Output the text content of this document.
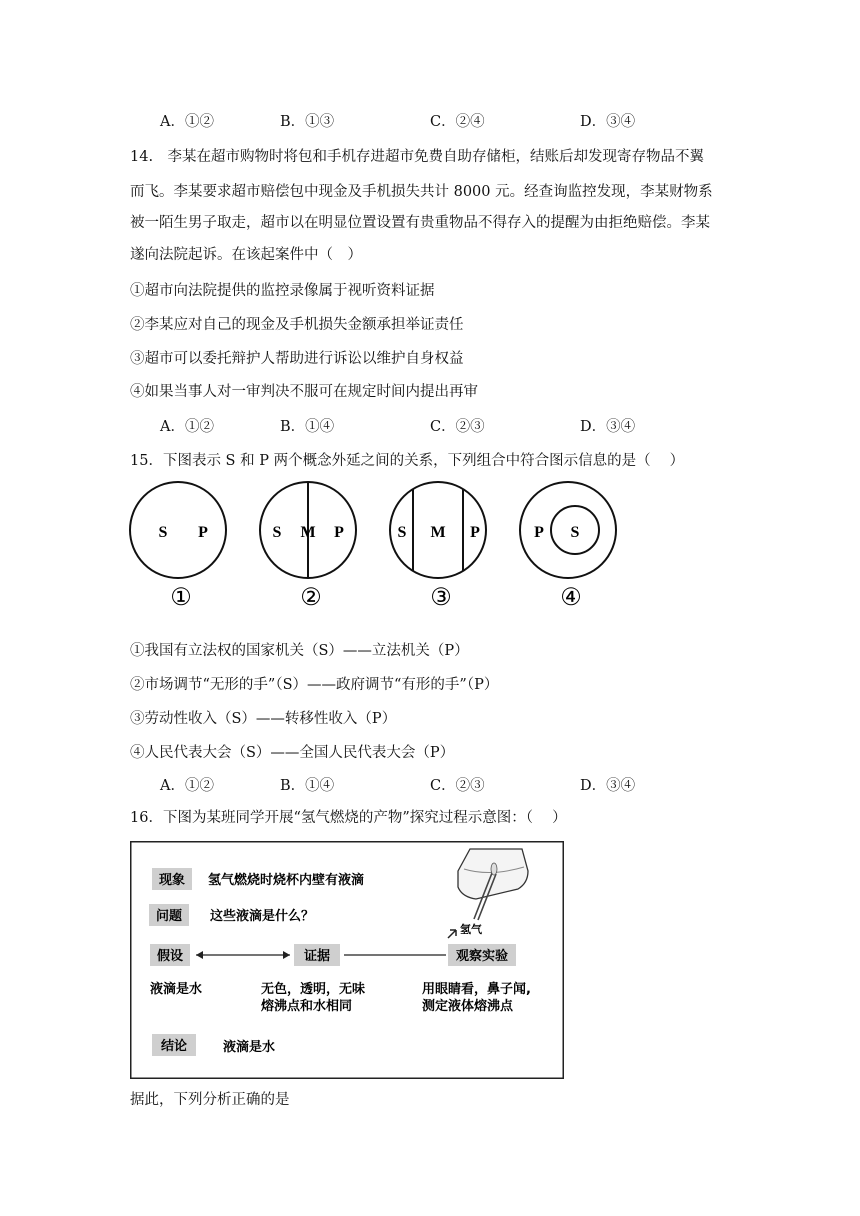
A．①②	B．①③	C．②④	D．③④
14.　李某在超市购物时将包和手机存进超市免费自助存储柜，结账后却发现寄存物品不翼
而飞。李某要求超市赔偿包中现金及手机损失共计 8000 元。经查询监控发现，李某财物系
被一陌生男子取走，超市以在明显位置设置有贵重物品不得存入的提醒为由拒绝赔偿。李某
遂向法院起诉。在该起案件中（　）
①超市向法院提供的监控录像属于视听资料证据
②李某应对自己的现金及手机损失金额承担举证责任
③超市可以委托辩护人帮助进行诉讼以维护自身权益
④如果当事人对一审判决不服可在规定时间内提出再审
A．①②	B．①④	C．②③	D．③④
15．下图表示 S 和 P 两个概念外延之间的关系，下列组合中符合图示信息的是（　 ）
S P
①
S M P
②
S M P
③
P S
④
①我国有立法权的国家机关（S）——立法机关（P）
②市场调节“无形的手”（S）——政府调节“有形的手”（P）
③劳动性收入（S）——转移性收入（P）
④人民代表大会（S）——全国人民代表大会（P）
A．①②	B．①④	C．②③	D．③④
16．下图为某班同学开展“氢气燃烧的产物”探究过程示意图：（　 ）
现象 氢气燃烧时烧杯内壁有液滴
问题 这些液滴是什么？
氢气
假设	证据	观察实验
液滴是水	无色，透明，无味
熔沸点和水相同
用眼睛看，鼻子闻,
测定液体熔沸点
结论	液滴是水
据此，下列分析正确的是
